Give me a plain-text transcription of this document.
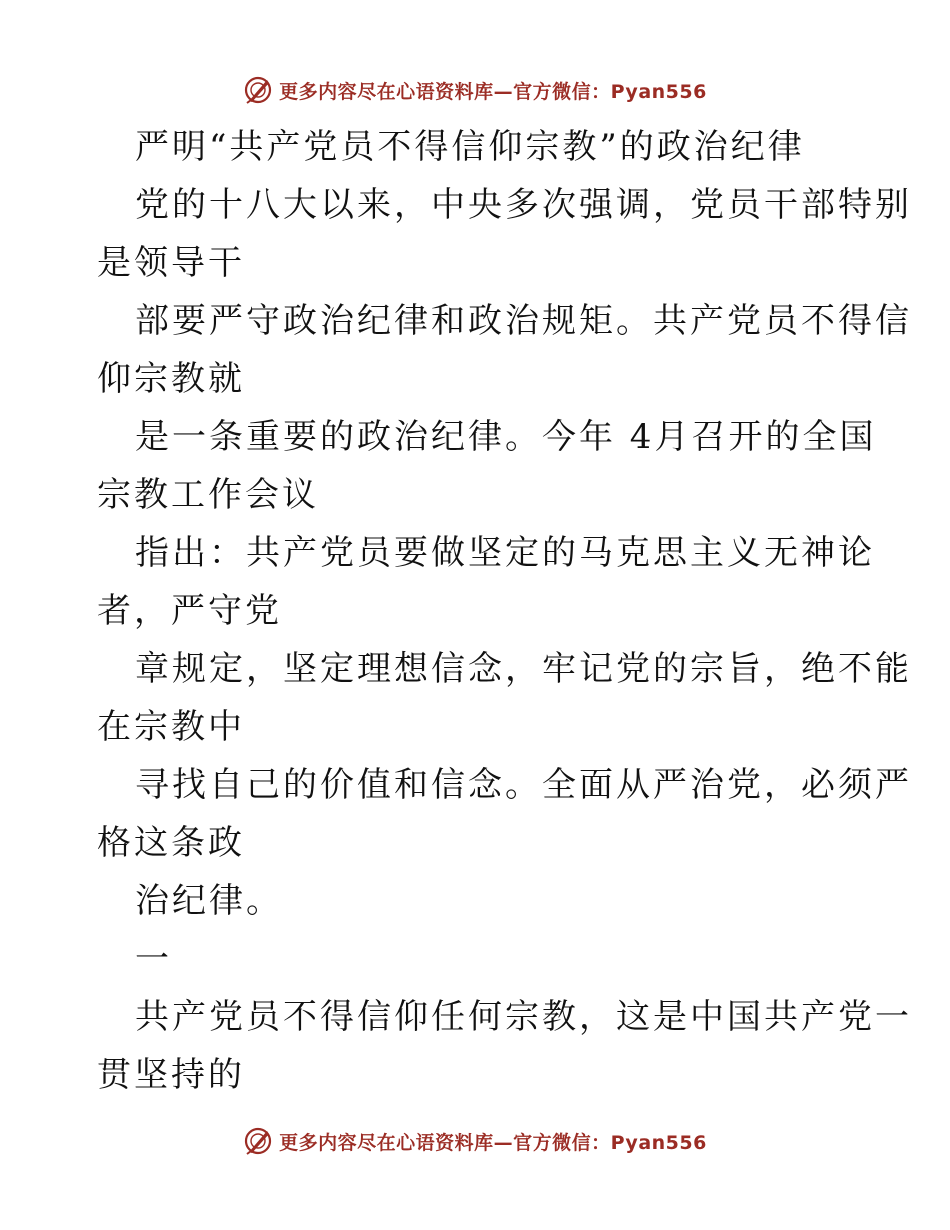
更多内容尽在心语资料库—官方微信：Pyan556
严明“共产党员不得信仰宗教”的政治纪律
党的十八大以来，中央多次强调，党员干部特别
是领导干
部要严守政治纪律和政治规矩。共产党员不得信
仰宗教就
是一条重要的政治纪律。今年 4月召开的全国
宗教工作会议
指出：共产党员要做坚定的马克思主义无神论
者，严守党
章规定，坚定理想信念，牢记党的宗旨，绝不能
在宗教中
寻找自己的价值和信念。全面从严治党，必须严
格这条政
治纪律。
一
共产党员不得信仰任何宗教，这是中国共产党一
贯坚持的
更多内容尽在心语资料库—官方微信：Pyan556
